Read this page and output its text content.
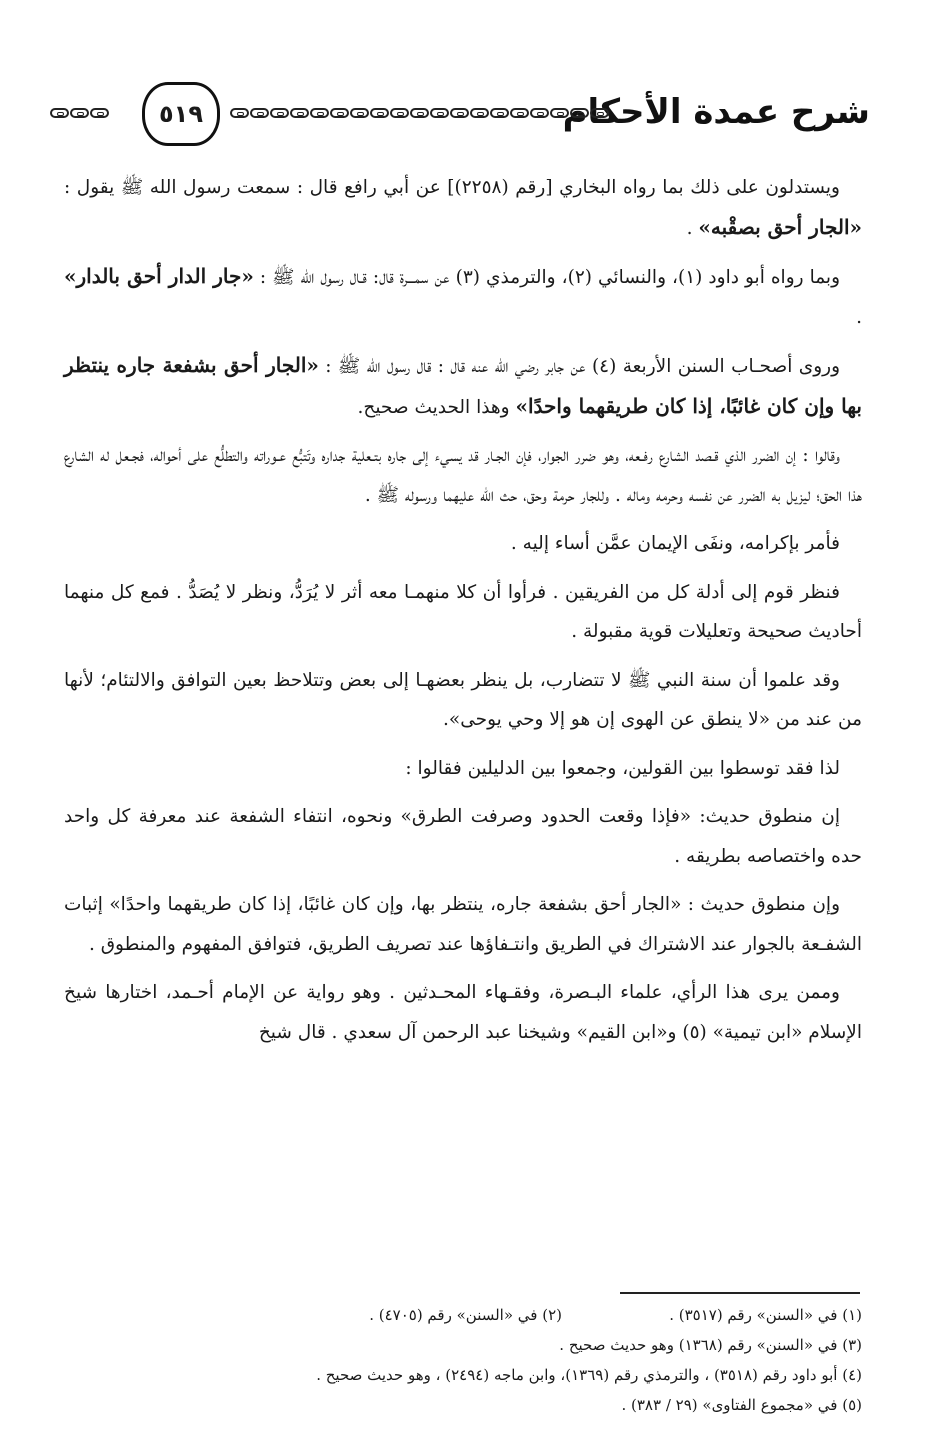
شرح عمدة الأحكام
٥١٩

ويستدلون على ذلك بما رواه البخاري [رقم (٢٢٥٨)] عن أبي رافع قال : سمعت رسول الله ﷺ يقول : «الجار أحق بصقْبه» .

وبما رواه أبو داود (١)، والنسائي (٢)، والترمذي (٣) عن سمـــرة قال: قـال رسول الله ﷺ : «جار الدار أحق بالدار» .

وروى أصحـاب السنن الأربعة (٤) عن جابر رضي الله عنه قال : قال رسول الله ﷺ : «الجار أحق بشفعة جاره ينتظر بها وإن كان غائبًا، إذا كان طريقهما واحدًا» وهذا الحديث صحيح.

وقالوا : إن الضرر الذي قـصد الشارع رفـعه، وهو ضرر الجوار، فإن الجـار قد يسيء إلى جاره بتـعلية جداره وتَتبُّع عـوراته والتطلُّع على أحواله، فجـعل له الشارع هذا الحق؛ ليزيل به الضرر عن نفسه وحرمه وماله . وللجار حرمة وحق، حث الله عليهما ورسوله ﷺ .

فأمر بإكرامه، ونفَى الإيمان عمَّن أساء إليه .

فنظر قوم إلى أدلة كل من الفريقين . فرأوا أن كلا منهمـا معه أثر لا يُرَدُّ، ونظر لا يُصَدُّ . فمع كل منهما أحاديث صحيحة وتعليلات قوية مقبولة .

وقد علموا أن سنة النبي ﷺ لا تتضارب، بل ينظر بعضهـا إلى بعض وتتلاحظ بعين التوافق والالتئام؛ لأنها من عند من «لا ينطق عن الهوى إن هو إلا وحي يوحى».

لذا فقد توسطوا بين القولين، وجمعوا بين الدليلين فقالوا :

إن منطوق حديث: «فإذا وقعت الحدود وصرفت الطرق» ونحوه، انتفاء الشفعة عند معرفة كل واحد حده واختصاصه بطريقه .

وإن منطوق حديث : «الجار أحق بشفعة جاره، ينتظر بها، وإن كان غائبًا، إذا كان طريقهما واحدًا» إثبات الشفـعة بالجوار عند الاشتراك في الطريق وانتـفاؤها عند تصريف الطريق، فتوافق المفهوم والمنطوق .

وممن يرى هذا الرأي، علماء البـصرة، وفقـهاء المحـدثين . وهو رواية عن الإمام أحـمد، اختارها شيخ الإسلام «ابن تيمية» (٥) و«ابن القيم» وشيخنا عبد الرحمن آل سعدي . قال شيخ

(١) في «السنن» رقم (٣٥١٧) .
(٢) في «السنن» رقم (٤٧٠٥) .
(٣) في «السنن» رقم (١٣٦٨) وهو حديث صحيح .
(٤) أبو داود رقم (٣٥١٨) ، والترمذي رقم (١٣٦٩)، وابن ماجه (٢٤٩٤) ، وهو حديث صحيح .
(٥) في «مجموع الفتاوى» (٢٩ / ٣٨٣) .
